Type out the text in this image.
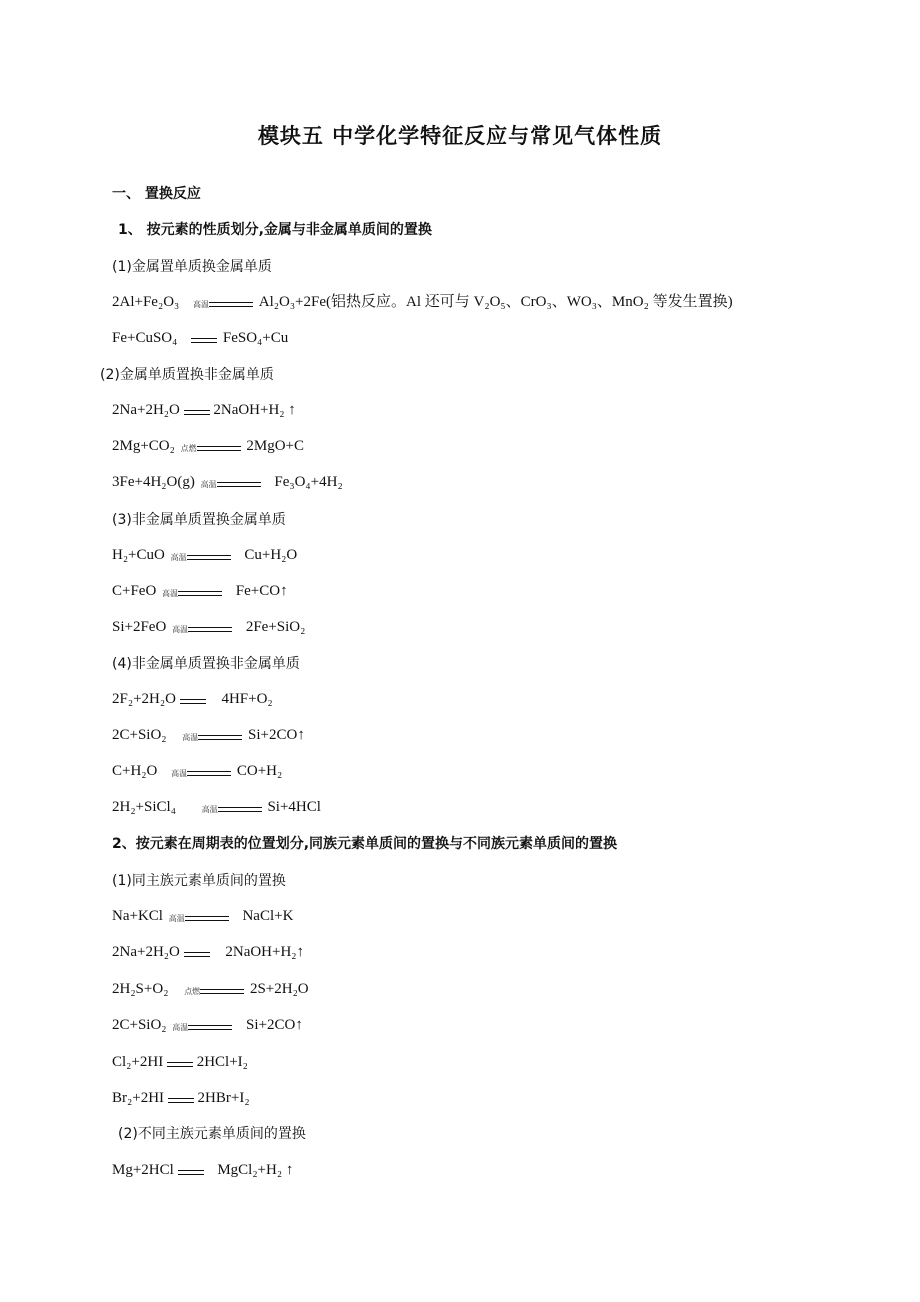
模块五 中学化学特征反应与常见气体性质
一、 置换反应
1、 按元素的性质划分,金属与非金属单质间的置换
(1)金属置单质换金属单质
2Al+Fe₂O₃ 高温	Al₂O₃+2Fe(铝热反应。Al 还可与 V₂O₅、CrO₃、WO₃、MnO₂ 等发生置换)
Fe+CuSO₄	FeSO₄+Cu
(2)金属单质置换非金属单质
2Na+2H₂O 2NaOH+H₂ ↑
2Mg+CO₂ 点燃	2MgO+C
3Fe+4H₂O(g) 高温	Fe₃O₄+4H₂
(3)非金属单质置换金属单质
H₂+CuO 高温	Cu+H₂O
C+FeO 高温	Fe+CO↑
Si+2FeO 高温	2Fe+SiO₂
(4)非金属单质置换非金属单质
2F₂+2H₂O	4HF+O₂
2C+SiO₂ 高温	Si+2CO↑
C+H₂O 高温	CO+H₂
2H₂+SiCl₄	高温	Si+4HCl
2、按元素在周期表的位置划分,同族元素单质间的置换与不同族元素单质间的置换
(1)同主族元素单质间的置换
Na+KCl 高温	NaCl+K
2Na+2H₂O	2NaOH+H₂↑
2H₂S+O₂ 点燃	2S+2H₂O
2C+SiO₂ 高温	Si+2CO↑
Cl₂+2HI 2HCl+I₂
Br₂+2HI 2HBr+I₂
(2)不同主族元素单质间的置换
Mg+2HCl	MgCl₂+H₂ ↑
